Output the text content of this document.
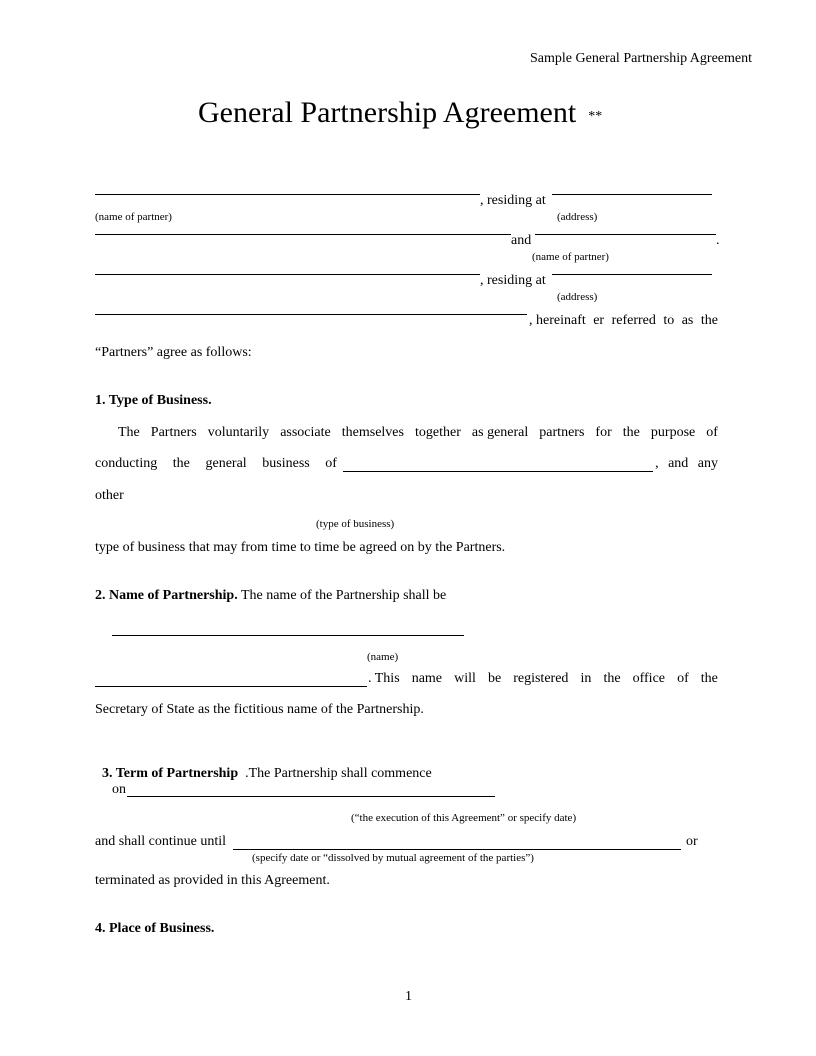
Sample General Partnership Agreement
General Partnership Agreement **
, residing at
(name of partner)	(address)
and	.
(name of partner)
, residing at
(address)
, hereinaft er referred to as the
“Partners” agree as follows:
1. Type of Business.
The Partners voluntarily associate themselves together as general partners for the purpose of
conducting the general business of	, and any
other
(type of business)
type of business that may from time to time be agreed on by the Partners.
2. Name of Partnership. The name of the Partnership shall be
(name)
. This name will be registered in the office of the
Secretary of State as the fictitious name of the Partnership.

3. Term of Partnership  .The Partnership shall commence

on
(“the execution of this Agreement” or specify date)
and shall continue until	or
(specify date or “dissolved by mutual agreement of the parties”)
terminated as provided in this Agreement.
4. Place of Business.
1
